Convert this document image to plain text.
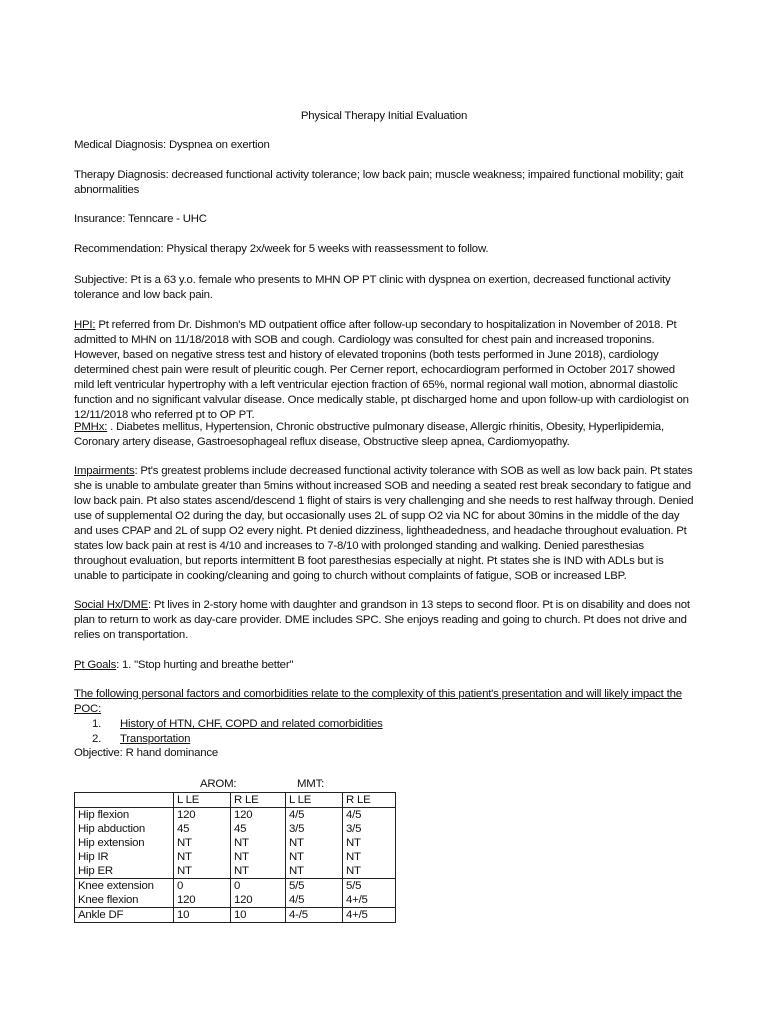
Physical Therapy Initial Evaluation
Medical Diagnosis: Dyspnea on exertion
Therapy Diagnosis: decreased functional activity tolerance; low back pain; muscle weakness; impaired functional mobility; gait abnormalities
Insurance: Tenncare - UHC
Recommendation: Physical therapy 2x/week for 5 weeks with reassessment to follow.
Subjective: Pt is a 63 y.o. female who presents to MHN OP PT clinic with dyspnea on exertion, decreased functional activity tolerance and low back pain.
HPI: Pt referred from Dr. Dishmon's MD outpatient office after follow-up secondary to hospitalization in November of 2018. Pt admitted to MHN on 11/18/2018 with SOB and cough. Cardiology was consulted for chest pain and increased troponins. However, based on negative stress test and history of elevated troponins (both tests performed in June 2018), cardiology determined chest pain were result of pleuritic cough. Per Cerner report, echocardiogram performed in October 2017 showed mild left ventricular hypertrophy with a left ventricular ejection fraction of 65%, normal regional wall motion, abnormal diastolic function and no significant valvular disease. Once medically stable, pt discharged home and upon follow-up with cardiologist on 12/11/2018 who referred pt to OP PT.
PMHx: . Diabetes mellitus, Hypertension, Chronic obstructive pulmonary disease, Allergic rhinitis, Obesity, Hyperlipidemia, Coronary artery disease, Gastroesophageal reflux disease, Obstructive sleep apnea, Cardiomyopathy.
Impairments: Pt's greatest problems include decreased functional activity tolerance with SOB as well as low back pain. Pt states she is unable to ambulate greater than 5mins without increased SOB and needing a seated rest break secondary to fatigue and low back pain. Pt also states ascend/descend 1 flight of stairs is very challenging and she needs to rest halfway through. Denied use of supplemental O2 during the day, but occasionally uses 2L of supp O2 via NC for about 30mins in the middle of the day and uses CPAP and 2L of supp O2 every night. Pt denied dizziness, lightheadedness, and headache throughout evaluation. Pt states low back pain at rest is 4/10 and increases to 7-8/10 with prolonged standing and walking. Denied paresthesias throughout evaluation, but reports intermittent B foot paresthesias especially at night. Pt states she is IND with ADLs but is unable to participate in cooking/cleaning and going to church without complaints of fatigue, SOB or increased LBP.
Social Hx/DME: Pt lives in 2-story home with daughter and grandson in 13 steps to second floor. Pt is on disability and does not plan to return to work as day-care provider. DME includes SPC. She enjoys reading and going to church. Pt does not drive and relies on transportation.
Pt Goals: 1. "Stop hurting and breathe better"
The following personal factors and comorbidities relate to the complexity of this patient's presentation and will likely impact the POC:
1. History of HTN, CHF, COPD and related comorbidities
2. Transportation
Objective: R hand dominance
AROM:	MMT:
	L LE	R LE	L LE	R LE
Hip flexion	120	120	4/5	4/5
Hip abduction	45	45	3/5	3/5
Hip extension	NT	NT	NT	NT
Hip IR	NT	NT	NT	NT
Hip ER	NT	NT	NT	NT
Knee extension	0	0	5/5	5/5
Knee flexion	120	120	4/5	4+/5
Ankle DF	10	10	4-/5	4+/5
